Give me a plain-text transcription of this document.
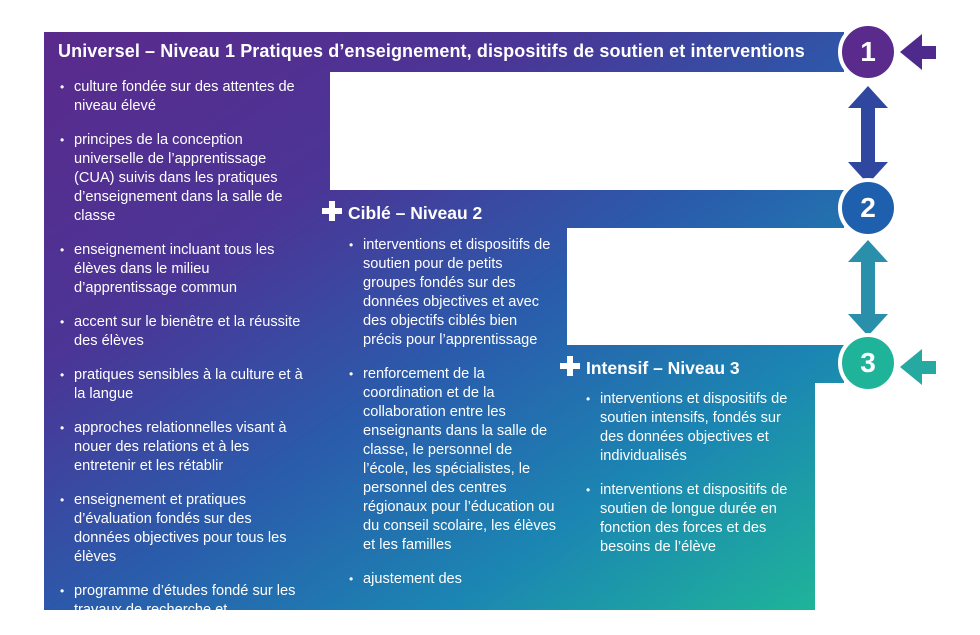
Universel – Niveau 1 Pratiques d’enseignement, dispositifs de soutien et interventions
• culture fondée sur des attentes de niveau élevé
• principes de la conception universelle de l’apprentissage (CUA) suivis dans les pratiques d’enseignement dans la salle de classe
• enseignement incluant tous les élèves dans le milieu d’apprentissage commun
• accent sur le bienêtre et la réussite des élèves
• pratiques sensibles à la culture et à la langue
• approches relationnelles visant à nouer des relations et à les entretenir et les rétablir
• enseignement et pratiques d’évaluation fondés sur des données objectives pour tous les élèves
• programme d’études fondé sur les travaux de recherche et
Ciblé – Niveau 2
• interventions et dispositifs de soutien pour de petits groupes fondés sur des données objectives et avec des objectifs ciblés bien précis pour l’apprentissage
• renforcement de la coordination et de la collaboration entre les enseignants dans la salle de classe, le personnel de l’école, les spécialistes, le personnel des centres régionaux pour l’éducation ou du conseil scolaire, les élèves et les familles
• ajustement des
Intensif – Niveau 3
• interventions et dispositifs de soutien intensifs, fondés sur des données objectives et individualisés
• interventions et dispositifs de soutien de longue durée en fonction des forces et des besoins de l’élève
1
2
3
